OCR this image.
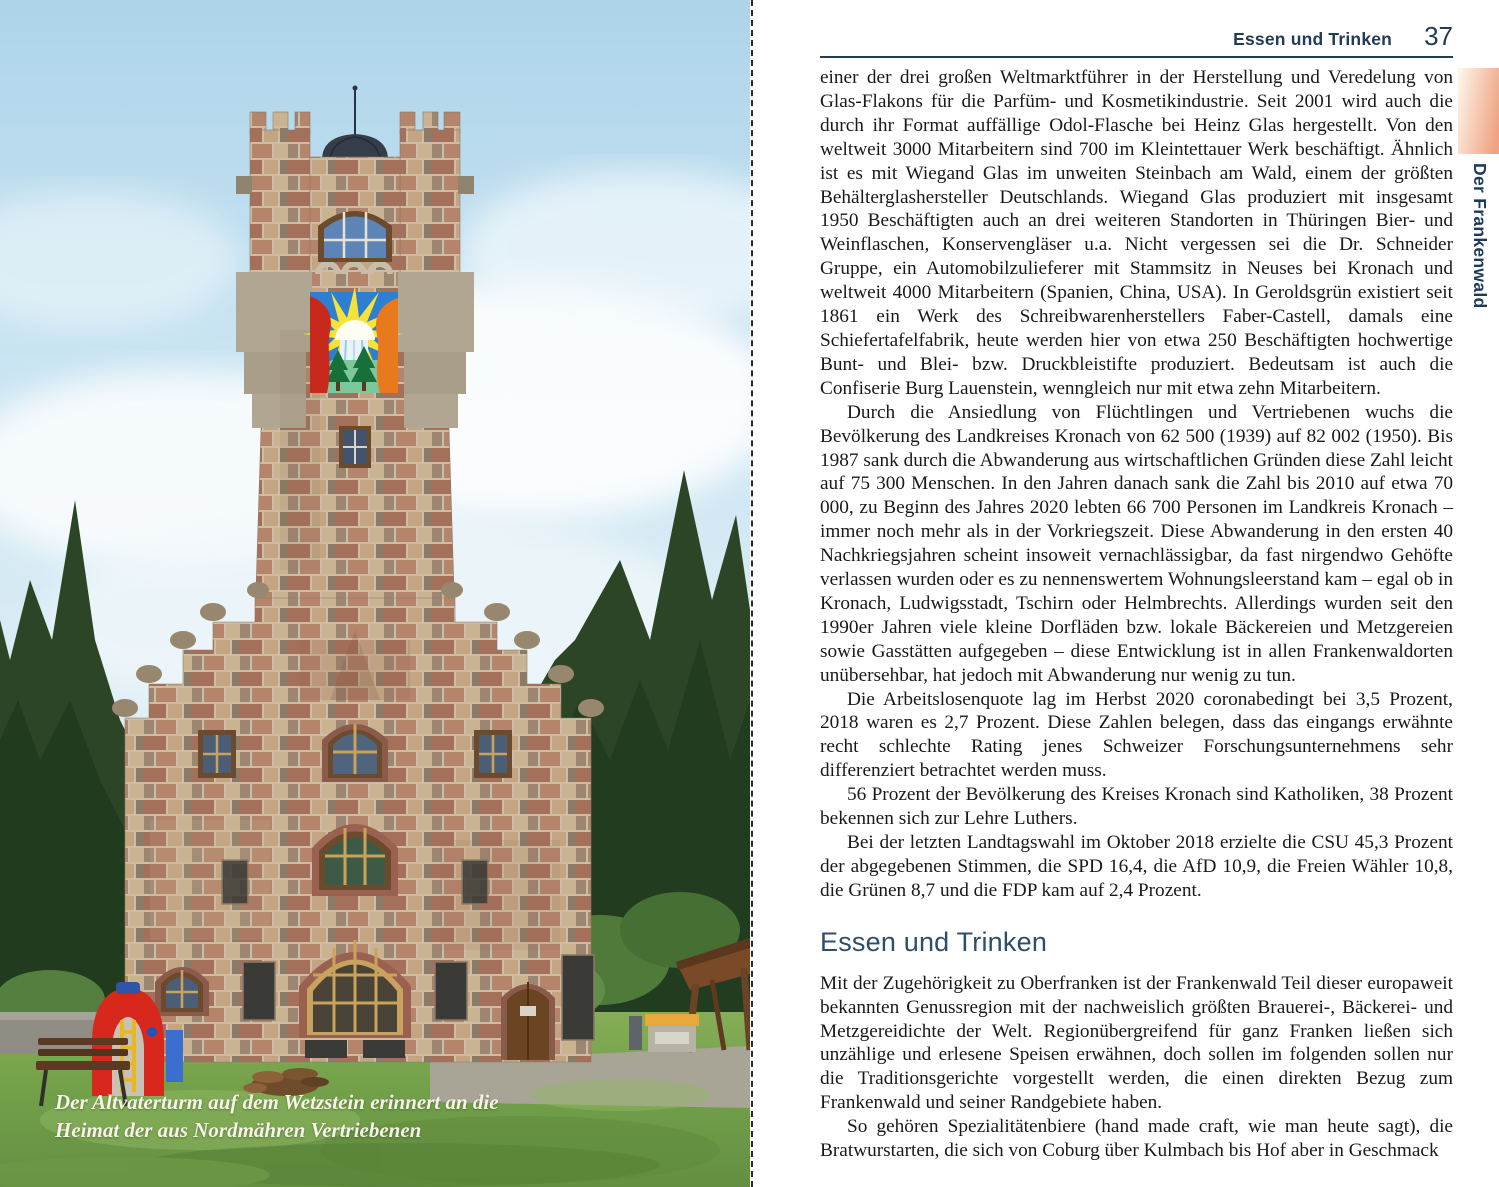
Der Altvaterturm auf dem Wetzstein erinnert an die
Heimat der aus Nordmähren Vertriebenen
Essen und Trinken 37

einer der drei großen Weltmarktführer in der Herstellung und Veredelung von Glas-Flakons für die Parfüm- und Kosmetikindustrie. Seit 2001 wird auch die durch ihr Format auffällige Odol-Flasche bei Heinz Glas hergestellt. Von den weltweit 3000 Mitarbeitern sind 700 im Kleintettauer Werk beschäftigt. Ähnlich ist es mit Wiegand Glas im unweiten Steinbach am Wald, einem der größten Behälterglashersteller Deutschlands. Wiegand Glas produziert mit insgesamt 1950 Beschäftigten auch an drei weiteren Standorten in Thüringen Bier- und Weinflaschen, Konservengläser u.a. Nicht vergessen sei die Dr. Schneider Gruppe, ein Automobilzulieferer mit Stammsitz in Neuses bei Kronach und weltweit 4000 Mitarbeitern (Spanien, China, USA). In Geroldsgrün existiert seit 1861 ein Werk des Schreibwarenherstellers Faber-Castell, damals eine Schiefertafelfabrik, heute werden hier von etwa 250 Beschäftigten hochwertige Bunt- und Blei- bzw. Druckbleistifte produziert. Bedeutsam ist auch die Confiserie Burg Lauenstein, wenngleich nur mit etwa zehn Mitarbeitern.

Durch die Ansiedlung von Flüchtlingen und Vertriebenen wuchs die Bevölkerung des Landkreises Kronach von 62 500 (1939) auf 82 002 (1950). Bis 1987 sank durch die Abwanderung aus wirtschaftlichen Gründen diese Zahl leicht auf 75 300 Menschen. In den Jahren danach sank die Zahl bis 2010 auf etwa 70 000, zu Beginn des Jahres 2020 lebten 66 700 Personen im Landkreis Kronach – immer noch mehr als in der Vorkriegszeit. Diese Abwanderung in den ersten 40 Nachkriegsjahren scheint insoweit vernachlässigbar, da fast nirgendwo Gehöfte verlassen wurden oder es zu nennenswertem Wohnungsleerstand kam – egal ob in Kronach, Ludwigsstadt, Tschirn oder Helmbrechts. Allerdings wurden seit den 1990er Jahren viele kleine Dorfläden bzw. lokale Bäckereien und Metzgereien sowie Gasstätten aufgegeben – diese Entwicklung ist in allen Frankenwaldorten unübersehbar, hat jedoch mit Abwanderung nur wenig zu tun.

Die Arbeitslosenquote lag im Herbst 2020 coronabedingt bei 3,5 Prozent, 2018 waren es 2,7 Prozent. Diese Zahlen belegen, dass das eingangs erwähnte recht schlechte Rating jenes Schweizer Forschungsunternehmens sehr differenziert betrachtet werden muss.

56 Prozent der Bevölkerung des Kreises Kronach sind Katholiken, 38 Prozent bekennen sich zur Lehre Luthers.

Bei der letzten Landtagswahl im Oktober 2018 erzielte die CSU 45,3 Prozent der abgegebenen Stimmen, die SPD 16,4, die AfD 10,9, die Freien Wähler 10,8, die Grünen 8,7 und die FDP kam auf 2,4 Prozent.

Essen und Trinken

Mit der Zugehörigkeit zu Oberfranken ist der Frankenwald Teil dieser europaweit bekannten Genussregion mit der nachweislich größten Brauerei-, Bäckerei- und Metzgereidichte der Welt. Regionübergreifend für ganz Franken ließen sich unzählige und erlesene Speisen erwähnen, doch sollen im folgenden sollen nur die Traditionsgerichte vorgestellt werden, die einen direkten Bezug zum Frankenwald und seiner Randgebiete haben.

So gehören Spezialitätenbiere (hand made craft, wie man heute sagt), die Bratwurstarten, die sich von Coburg über Kulmbach bis Hof aber in Geschmack

Der Frankenwald
